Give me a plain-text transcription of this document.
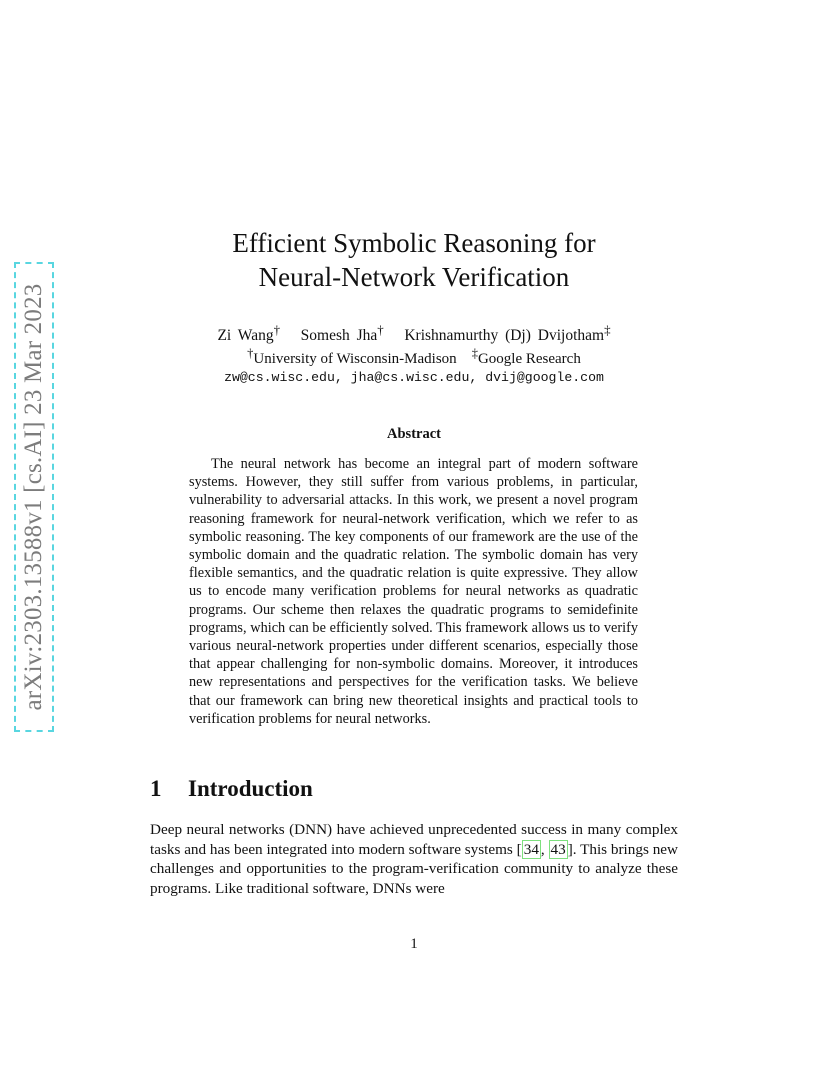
arXiv:2303.13588v1 [cs.AI] 23 Mar 2023
Efficient Symbolic Reasoning for
Neural-Network Verification
Zi Wang† Somesh Jha† Krishnamurthy (Dj) Dvijotham‡
†University of Wisconsin-Madison ‡Google Research
zw@cs.wisc.edu, jha@cs.wisc.edu, dvij@google.com
Abstract

The neural network has become an integral part of modern software systems. However, they still suffer from various problems, in particular, vulnerability to adversarial attacks. In this work, we present a novel program reasoning framework for neural-network verification, which we refer to as symbolic reasoning. The key components of our framework are the use of the symbolic domain and the quadratic relation. The symbolic domain has very flexible semantics, and the quadratic relation is quite expressive. They allow us to encode many verification problems for neural networks as quadratic programs. Our scheme then relaxes the quadratic programs to semidefinite programs, which can be efficiently solved. This framework allows us to verify various neural-network properties under different scenarios, especially those that appear challenging for non-symbolic domains. Moreover, it introduces new representations and perspectives for the verification tasks. We believe that our framework can bring new theoretical insights and practical tools to verification problems for neural networks.

1 Introduction

Deep neural networks (DNN) have achieved unprecedented success in many complex tasks and has been integrated into modern software systems [ 34 , 43 ]. This brings new challenges and opportunities to the program-verification community to analyze these programs. Like traditional software, DNNs were

1
